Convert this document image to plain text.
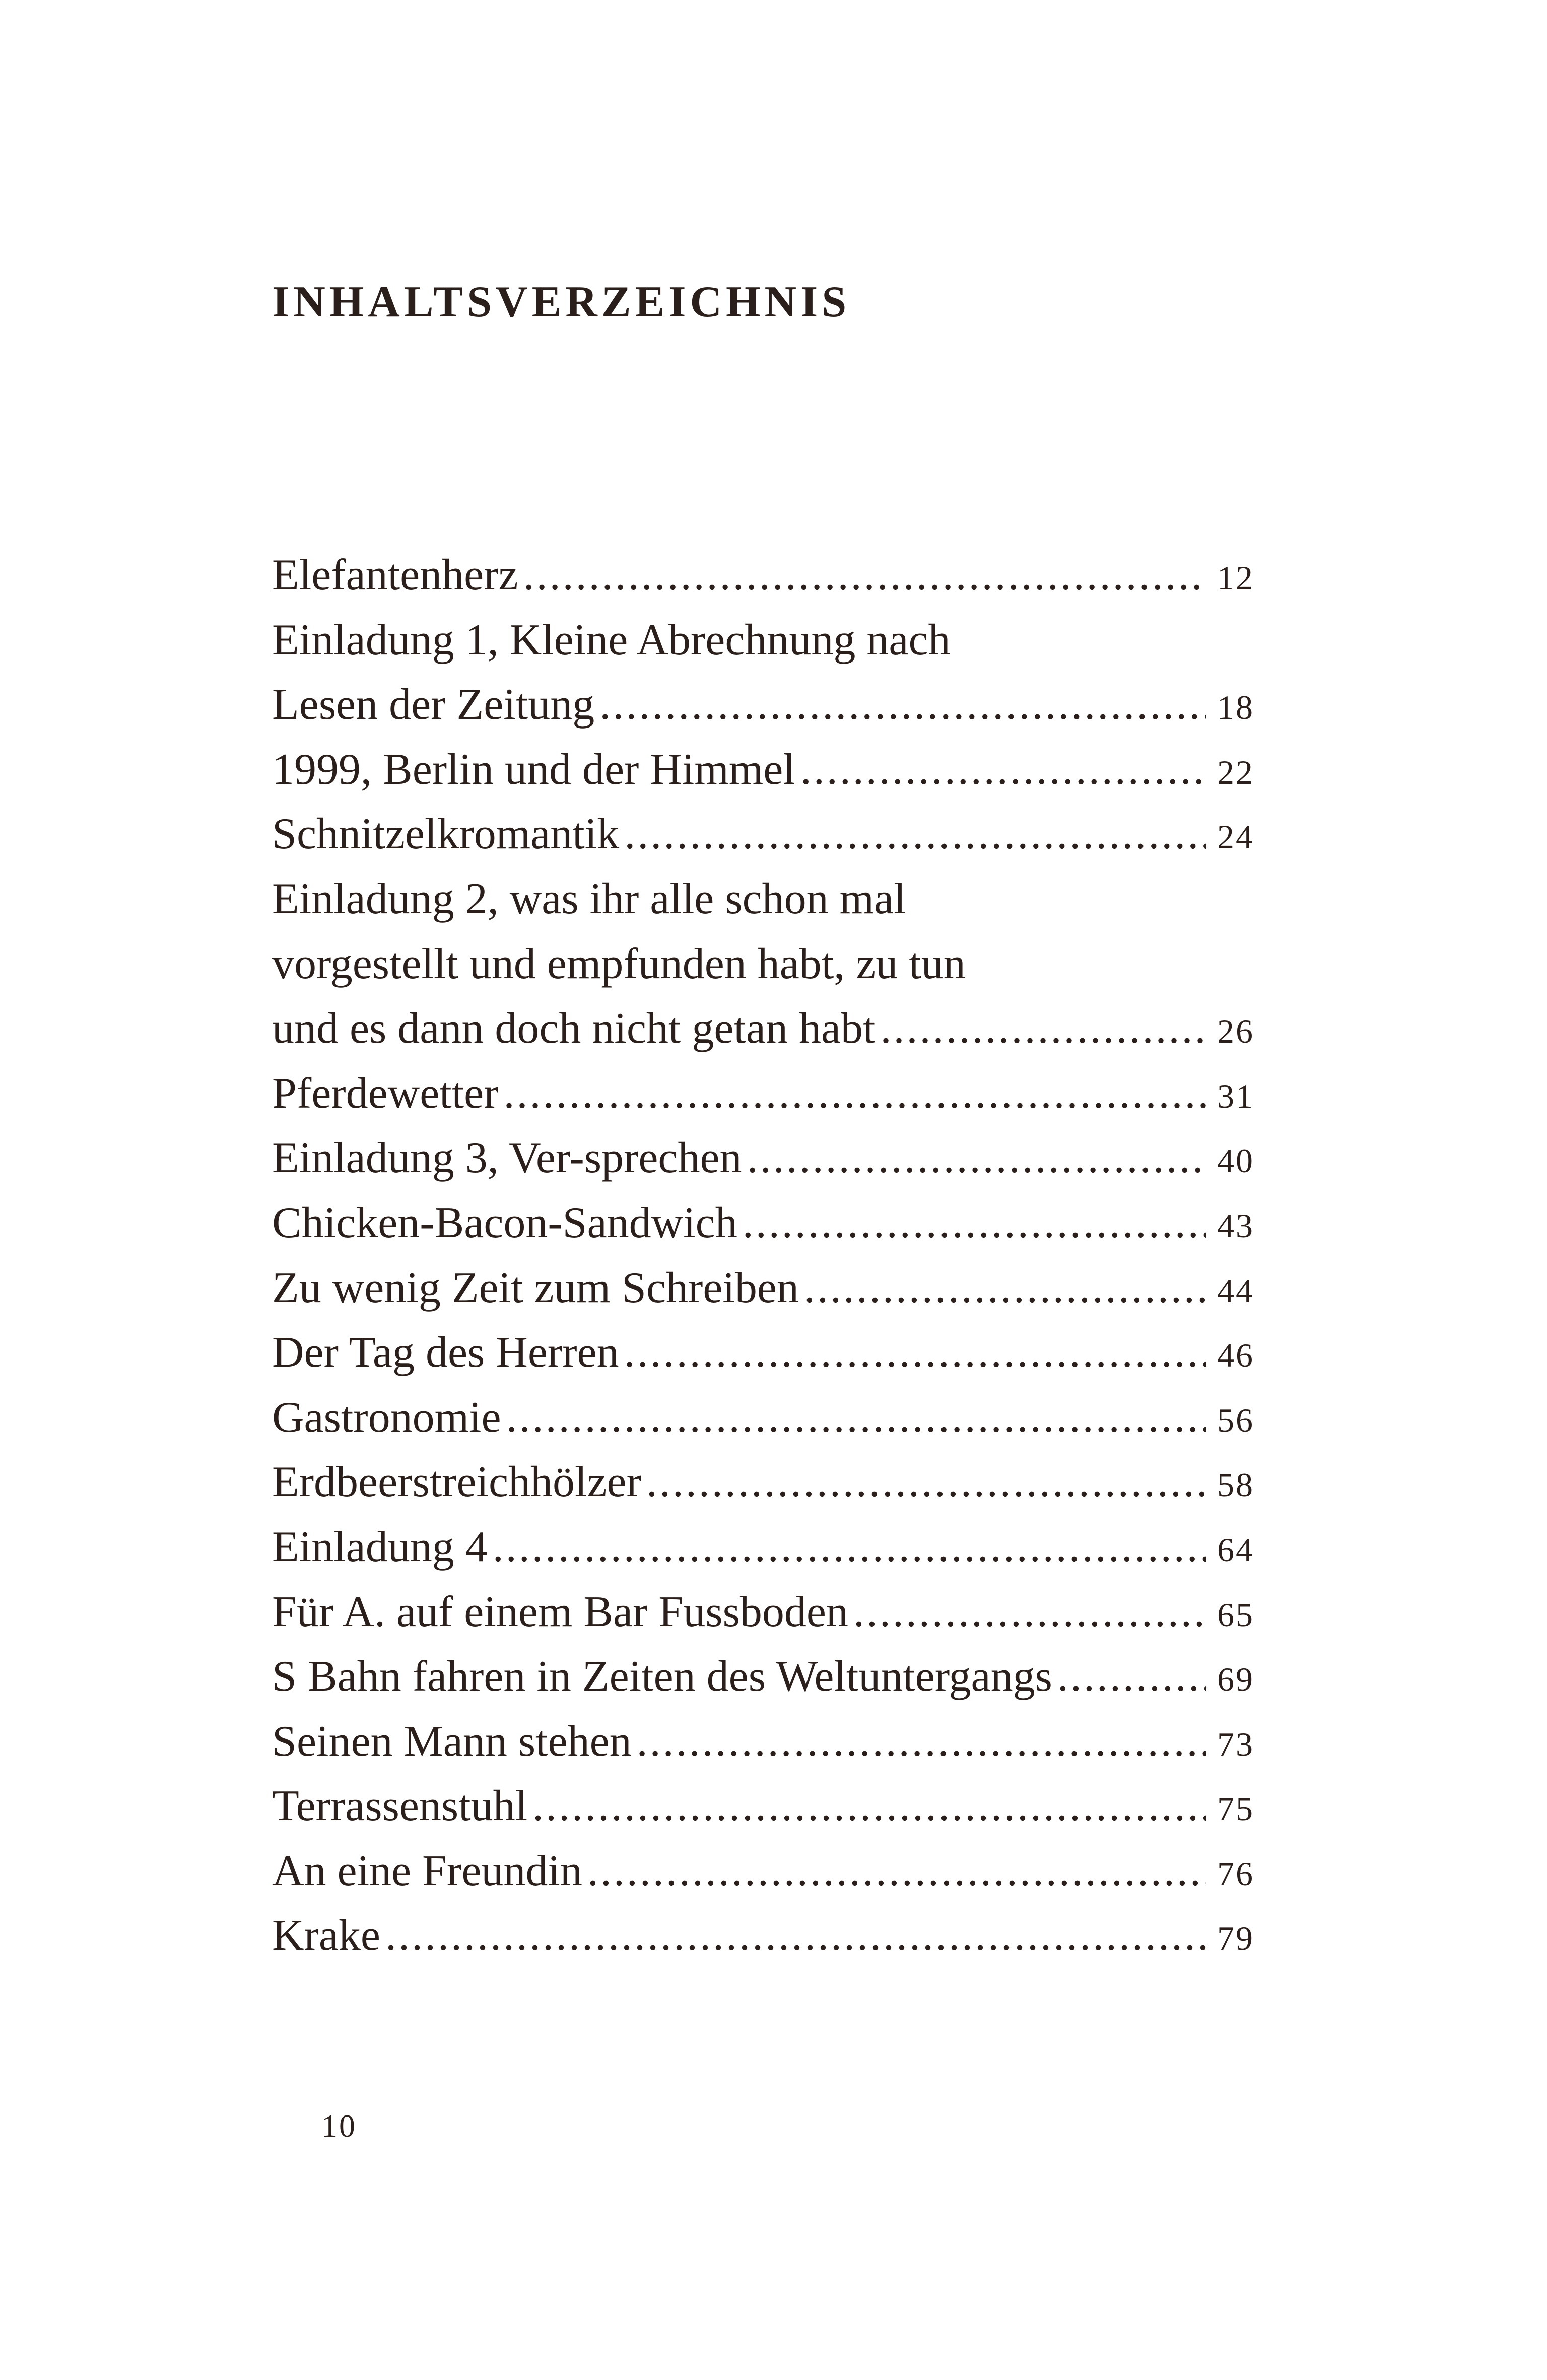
INHALTSVERZEICHNIS
Elefantenherz .....	12
Einladung 1, Kleine Abrechnung nach
Lesen der Zeitung .....	18
1999, Berlin und der Himmel .....	22
Schnitzelkromantik .....	24
Einladung 2, was ihr alle schon mal
vorgestellt und empfunden habt, zu tun
und es dann doch nicht getan habt .....	26
Pferdewetter .....	31
Einladung 3, Ver-sprechen .....	40
Chicken-Bacon-Sandwich .....	43
Zu wenig Zeit zum Schreiben .....	44
Der Tag des Herren .....	46
Gastronomie .....	56
Erdbeerstreichhölzer .....	58
Einladung 4 .....	64
Für A. auf einem Bar Fussboden .....	65
S Bahn fahren in Zeiten des Weltuntergangs .....	69
Seinen Mann stehen .....	73
Terrassenstuhl .....	75
An eine Freundin .....	76
Krake .....	79
10
